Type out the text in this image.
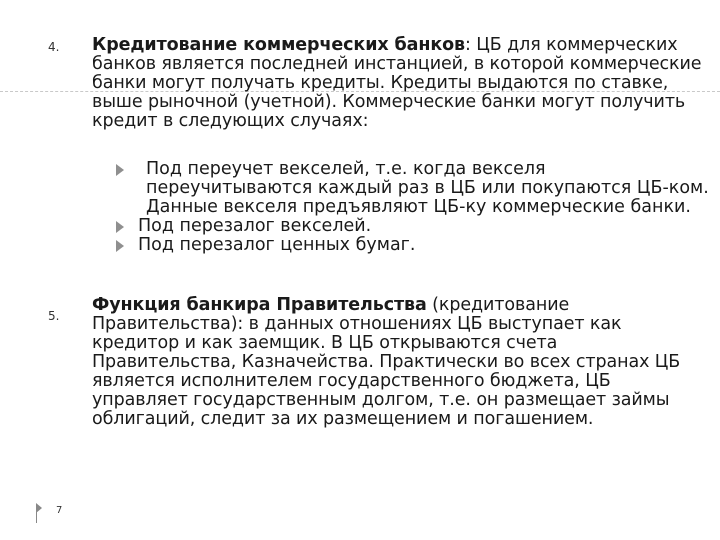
4. Кредитование коммерческих банков: ЦБ для коммерческих банков является последней инстанцией, в которой коммерческие банки могут получать кредиты. Кредиты выдаются по ставке, выше рыночной (учетной). Коммерческие банки могут получить кредит в следующих случаях:
Под переучет векселей, т.е. когда векселя переучитываются каждый раз в ЦБ или покупаются ЦБ-ком. Данные векселя предъявляют ЦБ-ку коммерческие банки.
Под перезалог векселей.
Под перезалог ценных бумаг.
5.
Функция банкира Правительства (кредитование Правительства): в данных отношениях ЦБ выступает как кредитор и как заемщик. В ЦБ открываются счета Правительства, Казначейства. Практически во всех странах ЦБ является исполнителем государственного бюджета, ЦБ управляет государственным долгом, т.е. он размещает займы облигаций, следит за их размещением и погашением.
7
